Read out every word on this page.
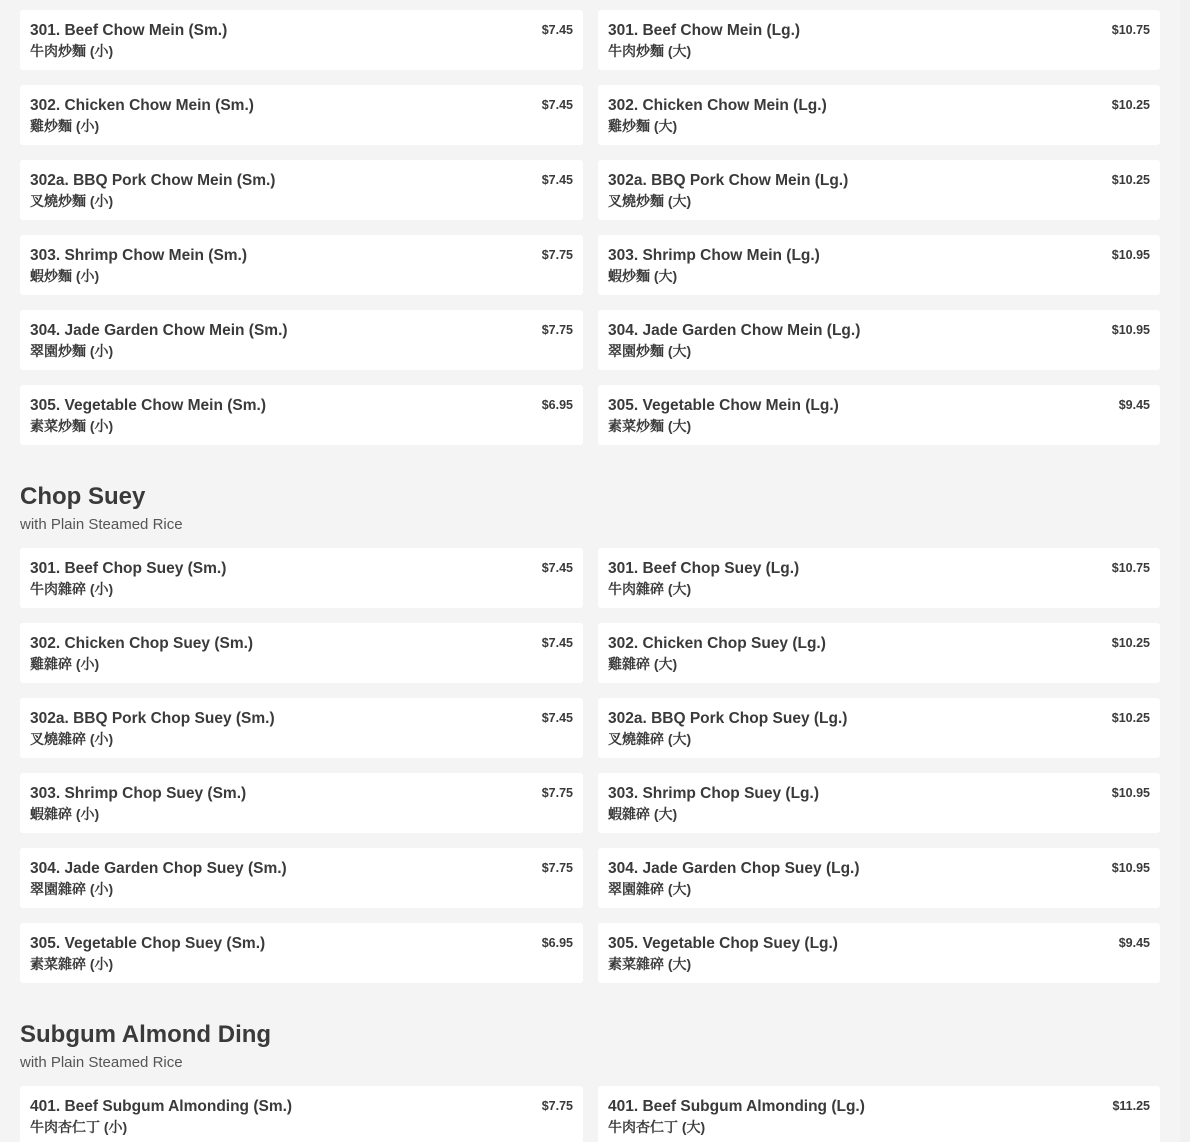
301. Beef Chow Mein (Sm.)
牛肉炒麵 (小)
$7.45 301. Beef Chow Mein (Lg.)
牛肉炒麵 (大)
$10.75
302. Chicken Chow Mein (Sm.)
雞炒麵 (小)
$7.45 302. Chicken Chow Mein (Lg.)
雞炒麵 (大)
$10.25
302a. BBQ Pork Chow Mein (Sm.)
叉燒炒麵 (小)
$7.45 302a. BBQ Pork Chow Mein (Lg.)
叉燒炒麵 (大)
$10.25
303. Shrimp Chow Mein (Sm.)
蝦炒麵 (小)
$7.75 303. Shrimp Chow Mein (Lg.)
蝦炒麵 (大)
$10.95
304. Jade Garden Chow Mein (Sm.)
翠園炒麵 (小)
$7.75 304. Jade Garden Chow Mein (Lg.)
翠園炒麵 (大)
$10.95
305. Vegetable Chow Mein (Sm.)
素菜炒麵 (小)
$6.95 305. Vegetable Chow Mein (Lg.)
素菜炒麵 (大)
$9.45
Chop Suey
with Plain Steamed Rice
301. Beef Chop Suey (Sm.)
牛肉雜碎 (小)
$7.45 301. Beef Chop Suey (Lg.)
牛肉雜碎 (大)
$10.75
302. Chicken Chop Suey (Sm.)
雞雜碎 (小)
$7.45 302. Chicken Chop Suey (Lg.)
雞雜碎 (大)
$10.25
302a. BBQ Pork Chop Suey (Sm.)
叉燒雜碎 (小)
$7.45 302a. BBQ Pork Chop Suey (Lg.)
叉燒雜碎 (大)
$10.25
303. Shrimp Chop Suey (Sm.)
蝦雜碎 (小)
$7.75 303. Shrimp Chop Suey (Lg.)
蝦雜碎 (大)
$10.95
304. Jade Garden Chop Suey (Sm.)
翠園雜碎 (小)
$7.75 304. Jade Garden Chop Suey (Lg.)
翠園雜碎 (大)
$10.95
305. Vegetable Chop Suey (Sm.)
素菜雜碎 (小)
$6.95 305. Vegetable Chop Suey (Lg.)
素菜雜碎 (大)
$9.45
Subgum Almond Ding
with Plain Steamed Rice
401. Beef Subgum Almonding (Sm.)
牛肉杏仁丁 (小)
$7.75 401. Beef Subgum Almonding (Lg.)
牛肉杏仁丁 (大)
$11.25
